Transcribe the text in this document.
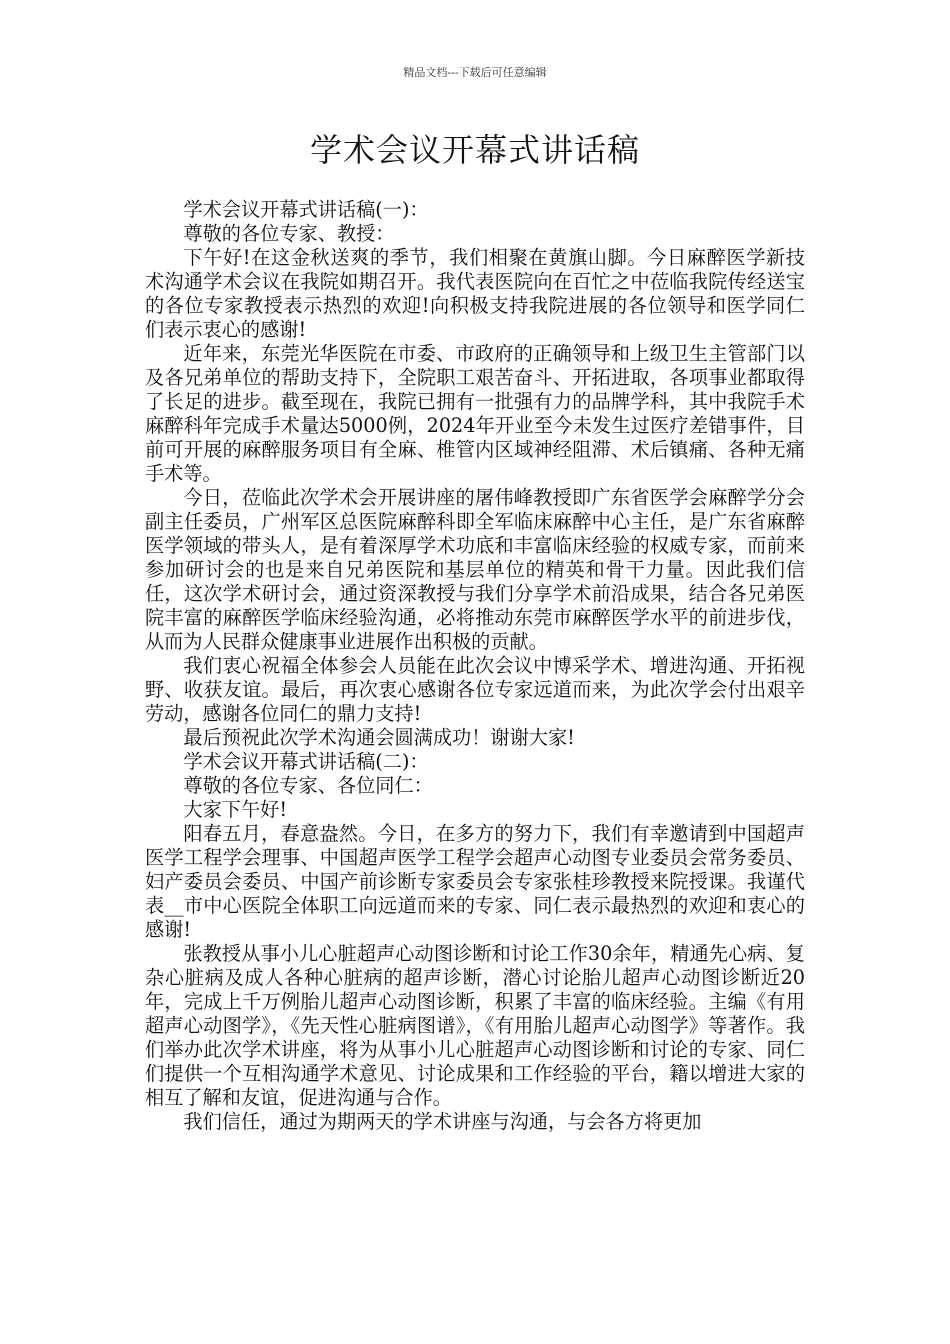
精品文档---下载后可任意编辑
学术会议开幕式讲话稿

学术会议开幕式讲话稿(一)：

尊敬的各位专家、教授：

下午好!在这金秋送爽的季节，我们相聚在黄旗山脚。今日麻醉医学新技术沟通学术会议在我院如期召开。我代表医院向在百忙之中莅临我院传经送宝的各位专家教授表示热烈的欢迎!向积极支持我院进展的各位领导和医学同仁们表示衷心的感谢!

近年来，东莞光华医院在市委、市政府的正确领导和上级卫生主管部门以及各兄弟单位的帮助支持下，全院职工艰苦奋斗、开拓进取，各项事业都取得了长足的进步。截至现在，我院已拥有一批强有力的品牌学科，其中我院手术麻醉科年完成手术量达5000例，2024年开业至今未发生过医疗差错事件，目前可开展的麻醉服务项目有全麻、椎管内区域神经阻滞、术后镇痛、各种无痛手术等。

今日，莅临此次学术会开展讲座的屠伟峰教授即广东省医学会麻醉学分会副主任委员，广州军区总医院麻醉科即全军临床麻醉中心主任，是广东省麻醉医学领域的带头人，是有着深厚学术功底和丰富临床经验的权威专家，而前来参加研讨会的也是来自兄弟医院和基层单位的精英和骨干力量。因此我们信任，这次学术研讨会，通过资深教授与我们分享学术前沿成果，结合各兄弟医院丰富的麻醉医学临床经验沟通，必将推动东莞市麻醉医学水平的前进步伐，从而为人民群众健康事业进展作出积极的贡献。

我们衷心祝福全体参会人员能在此次会议中博采学术、增进沟通、开拓视野、收获友谊。最后，再次衷心感谢各位专家远道而来，为此次学会付出艰辛劳动，感谢各位同仁的鼎力支持!

最后预祝此次学术沟通会圆满成功！谢谢大家!

学术会议开幕式讲话稿(二)：

尊敬的各位专家、各位同仁：

大家下午好!

阳春五月，春意盎然。今日，在多方的努力下，我们有幸邀请到中国超声医学工程学会理事、中国超声医学工程学会超声心动图专业委员会常务委员、妇产委员会委员、中国产前诊断专家委员会专家张桂珍教授来院授课。我谨代表__市中心医院全体职工向远道而来的专家、同仁表示最热烈的欢迎和衷心的感谢!

张教授从事小儿心脏超声心动图诊断和讨论工作30余年，精通先心病、复杂心脏病及成人各种心脏病的超声诊断，潜心讨论胎儿超声心动图诊断近20年，完成上千万例胎儿超声心动图诊断，积累了丰富的临床经验。主编《有用超声心动图学》，《先天性心脏病图谱》，《有用胎儿超声心动图学》等著作。我们举办此次学术讲座，将为从事小儿心脏超声心动图诊断和讨论的专家、同仁们提供一个互相沟通学术意见、讨论成果和工作经验的平台，籍以增进大家的相互了解和友谊，促进沟通与合作。

我们信任，通过为期两天的学术讲座与沟通，与会各方将更加
